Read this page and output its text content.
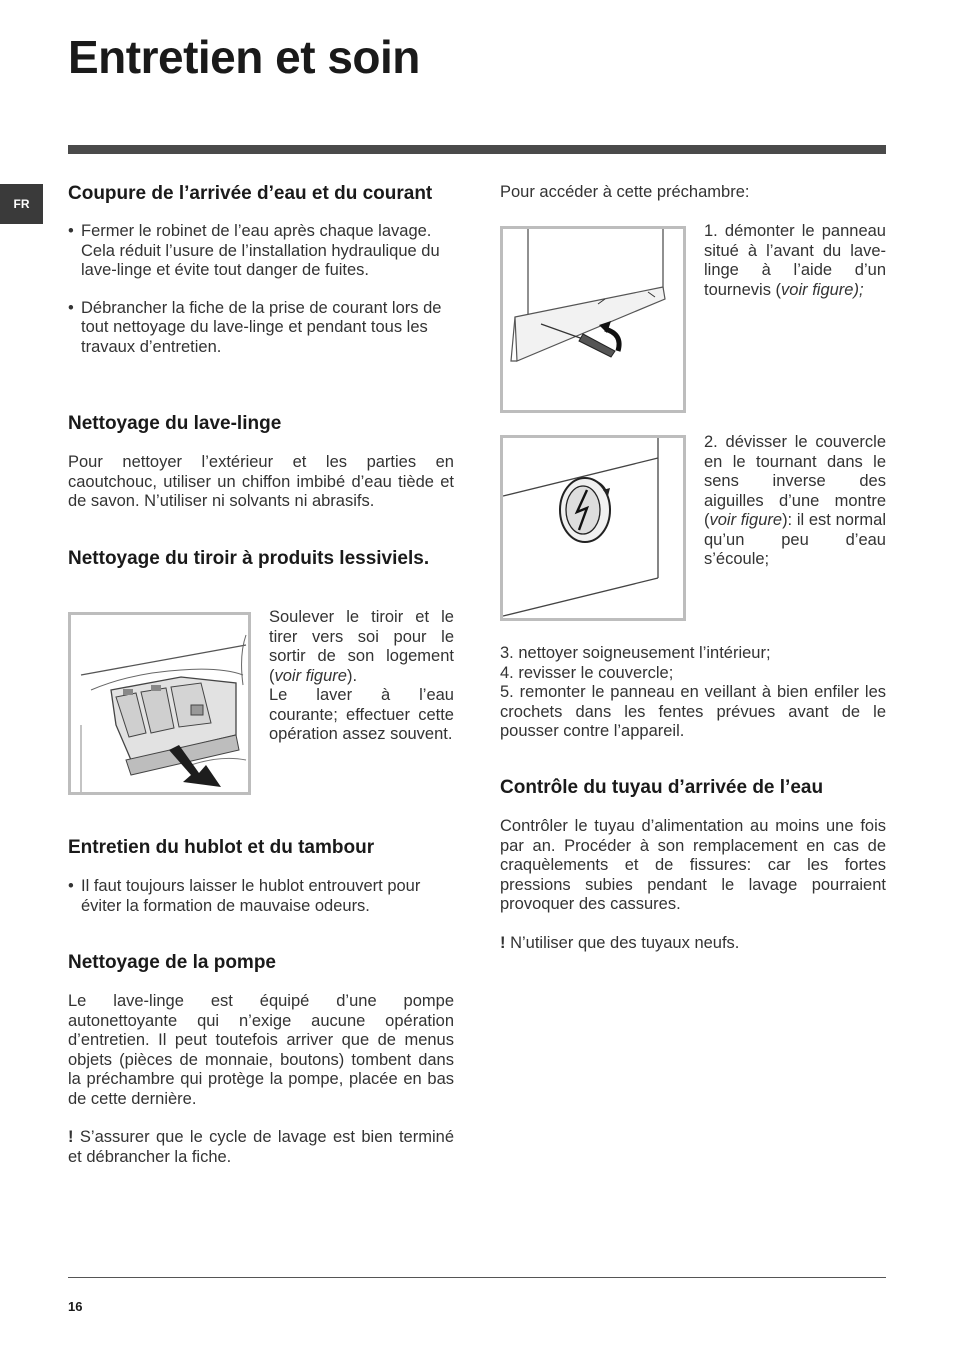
Entretien et soin
FR	Coupure de l’arrivée d’eau et du courant

• Fermer le robinet de l’eau après chaque lavage. Cela réduit l’usure de l’installation hydraulique du lave-linge et évite tout danger de fuites.

• Débrancher la fiche de la prise de courant lors de tout nettoyage du lave-linge et pendant tous les travaux d’entretien.

Nettoyage du lave-linge

Pour nettoyer l’extérieur et les parties en caoutchouc, utiliser un chiffon imbibé d’eau tiède et de savon. N’utiliser ni solvants ni abrasifs.

Nettoyage du tiroir à produits lessiviels.

Soulever le tiroir et le tirer vers soi pour le sortir de son logement (voir figure).

Le laver à l’eau courante; effectuer cette opération assez souvent.

Entretien du hublot et du tambour

• Il faut toujours laisser le hublot entrouvert pour éviter la formation de mauvaise odeurs.

Nettoyage de la pompe

Le lave-linge est équipé d’une pompe autonettoyante qui n’exige aucune opération d’entretien. Il peut toutefois arriver que de menus objets (pièces de monnaie, boutons) tombent dans la préchambre qui protège la pompe, placée en bas de cette dernière.

! S’assurer que le cycle de lavage est bien terminé et débrancher la fiche.

Pour accéder à cette préchambre:

1. démonter le panneau situé à l’avant du lave-linge à l’aide d’un tournevis (voir figure);

2. dévisser le couvercle en le tournant dans le sens inverse des aiguilles d’une montre (voir figure): il est normal qu’un peu d’eau s’écoule;

3. nettoyer soigneusement l’intérieur;

4. revisser le couvercle;

5. remonter le panneau en veillant à bien enfiler les crochets dans les fentes prévues avant de le pousser contre l’appareil.

Contrôle du tuyau d’arrivée de l’eau

Contrôler le tuyau d’alimentation au moins une fois par an. Procéder à son remplacement en cas de craquèlements et de fissures: car les fortes pressions subies pendant le lavage pourraient provoquer des cassures.

! N’utiliser que des tuyaux neufs.

16
